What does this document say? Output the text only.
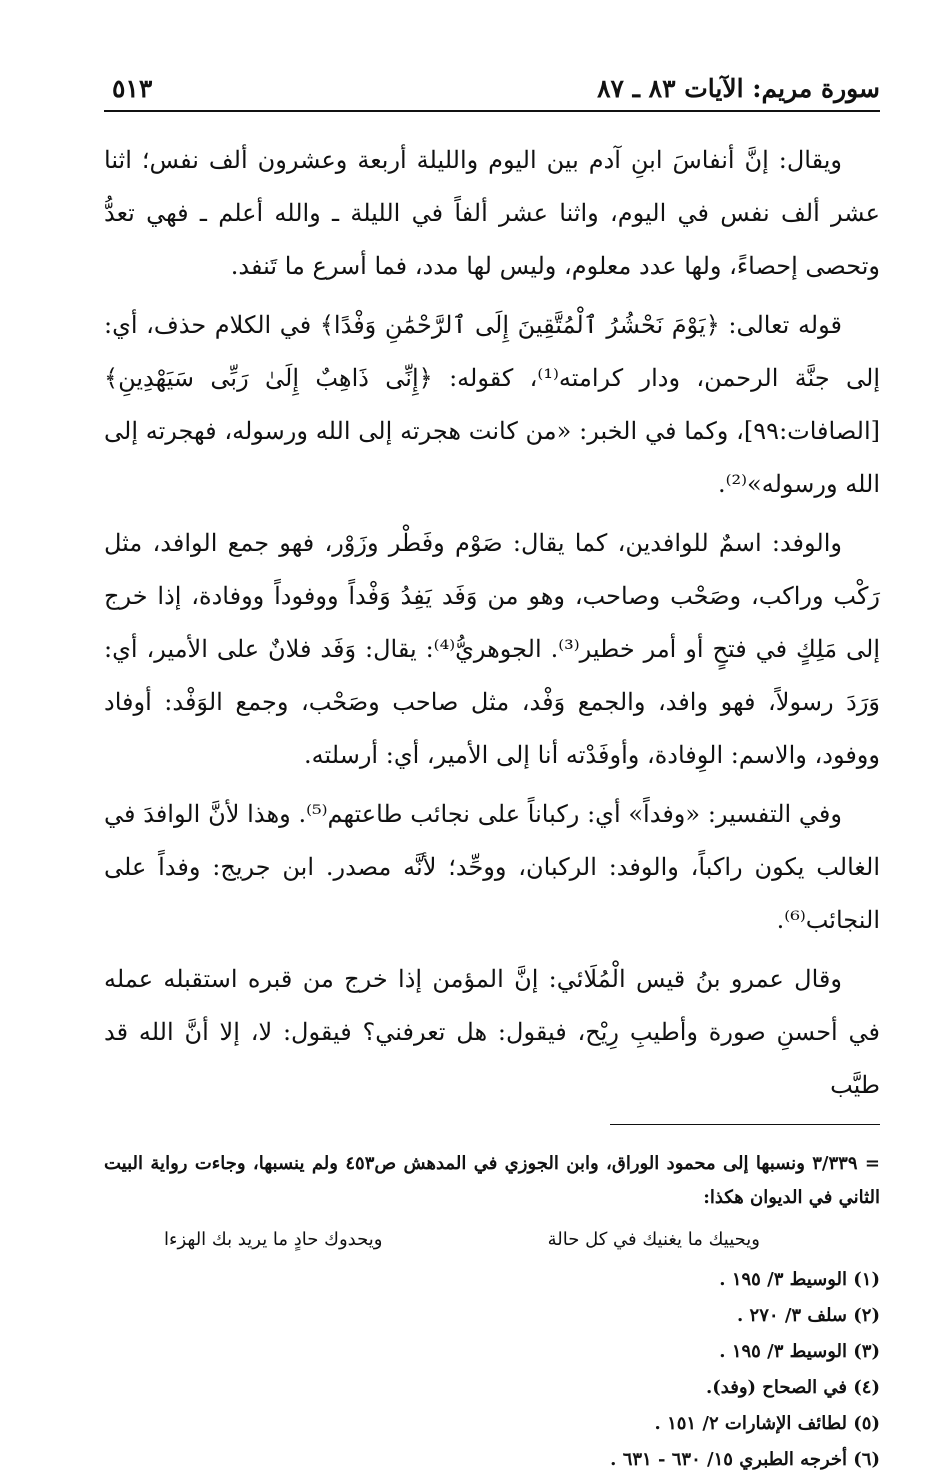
سورة مريم: الآيات ٨٣ ـ ٨٧
٥١٣

ويقال: إنَّ أنفاسَ ابنِ آدم بين اليوم والليلة أربعة وعشرون ألف نفس؛ اثنا عشر ألف نفس في اليوم، واثنا عشر ألفاً في الليلة ـ والله أعلم ـ فهي تعدُّ وتحصى إحصاءً، ولها عدد معلوم، وليس لها مدد، فما أسرع ما تَنفد.

قوله تعالى: ﴿يَوْمَ نَحْشُرُ ٱلْمُتَّقِينَ إِلَى ٱلرَّحْمَٰنِ وَفْدًا﴾ في الكلام حذف، أي: إلى جنَّة الرحمن، ودار كرامته⁽¹⁾، كقوله: ﴿إِنِّى ذَاهِبٌ إِلَىٰ رَبِّى سَيَهْدِينِ﴾ [الصافات:٩٩]، وكما في الخبر: «من كانت هجرته إلى الله ورسوله، فهجرته إلى الله ورسوله»⁽²⁾.

والوفد: اسمٌ للوافدين، كما يقال: صَوْم وفَطْر وزَوْر، فهو جمع الوافد، مثل رَكْب وراكب، وصَحْب وصاحب، وهو من وَفَد يَفِدُ وَفْداً ووفوداً ووفادة، إذا خرج إلى مَلِكٍ في فتحٍ أو أمر خطير⁽³⁾. الجوهريُّ⁽⁴⁾: يقال: وَفَد فلانٌ على الأمير، أي: وَرَدَ رسولاً، فهو وافد، والجمع وَفْد، مثل صاحب وصَحْب، وجمع الوَفْد: أوفاد ووفود، والاسم: الوِفادة، وأوفَدْته أنا إلى الأمير، أي: أرسلته.

وفي التفسير: «وفداً» أي: ركباناً على نجائب طاعتهم⁽⁵⁾. وهذا لأنَّ الوافدَ في الغالب يكون راكباً، والوفد: الركبان، ووحِّد؛ لأنَّه مصدر. ابن جريج: وفداً على النجائب⁽⁶⁾.

وقال عمرو بنُ قيس الْمُلَائي: إنَّ المؤمن إذا خرج من قبره استقبله عمله في أحسنِ صورة وأطيبِ رِيْح، فيقول: هل تعرفني؟ فيقول: لا، إلا أنَّ الله قد طيَّب

= ٣/٣٣٩ ونسبها إلى محمود الوراق، وابن الجوزي في المدهش ص٤٥٣ ولم ينسبها، وجاءت رواية البيت الثاني في الديوان هكذا:

ويحييك ما يغنيك في كل حالة
ويحدوك حادٍ ما يريد بك الهزءا

(١) الوسيط ٣/ ١٩٥ .

(٢) سلف ٣/ ٢٧٠ .

(٣) الوسيط ٣/ ١٩٥ .

(٤) في الصحاح (وفد).

(٥) لطائف الإشارات ٢/ ١٥١ .

(٦) أخرجه الطبري ١٥/ ٦٣٠ - ٦٣١ .
